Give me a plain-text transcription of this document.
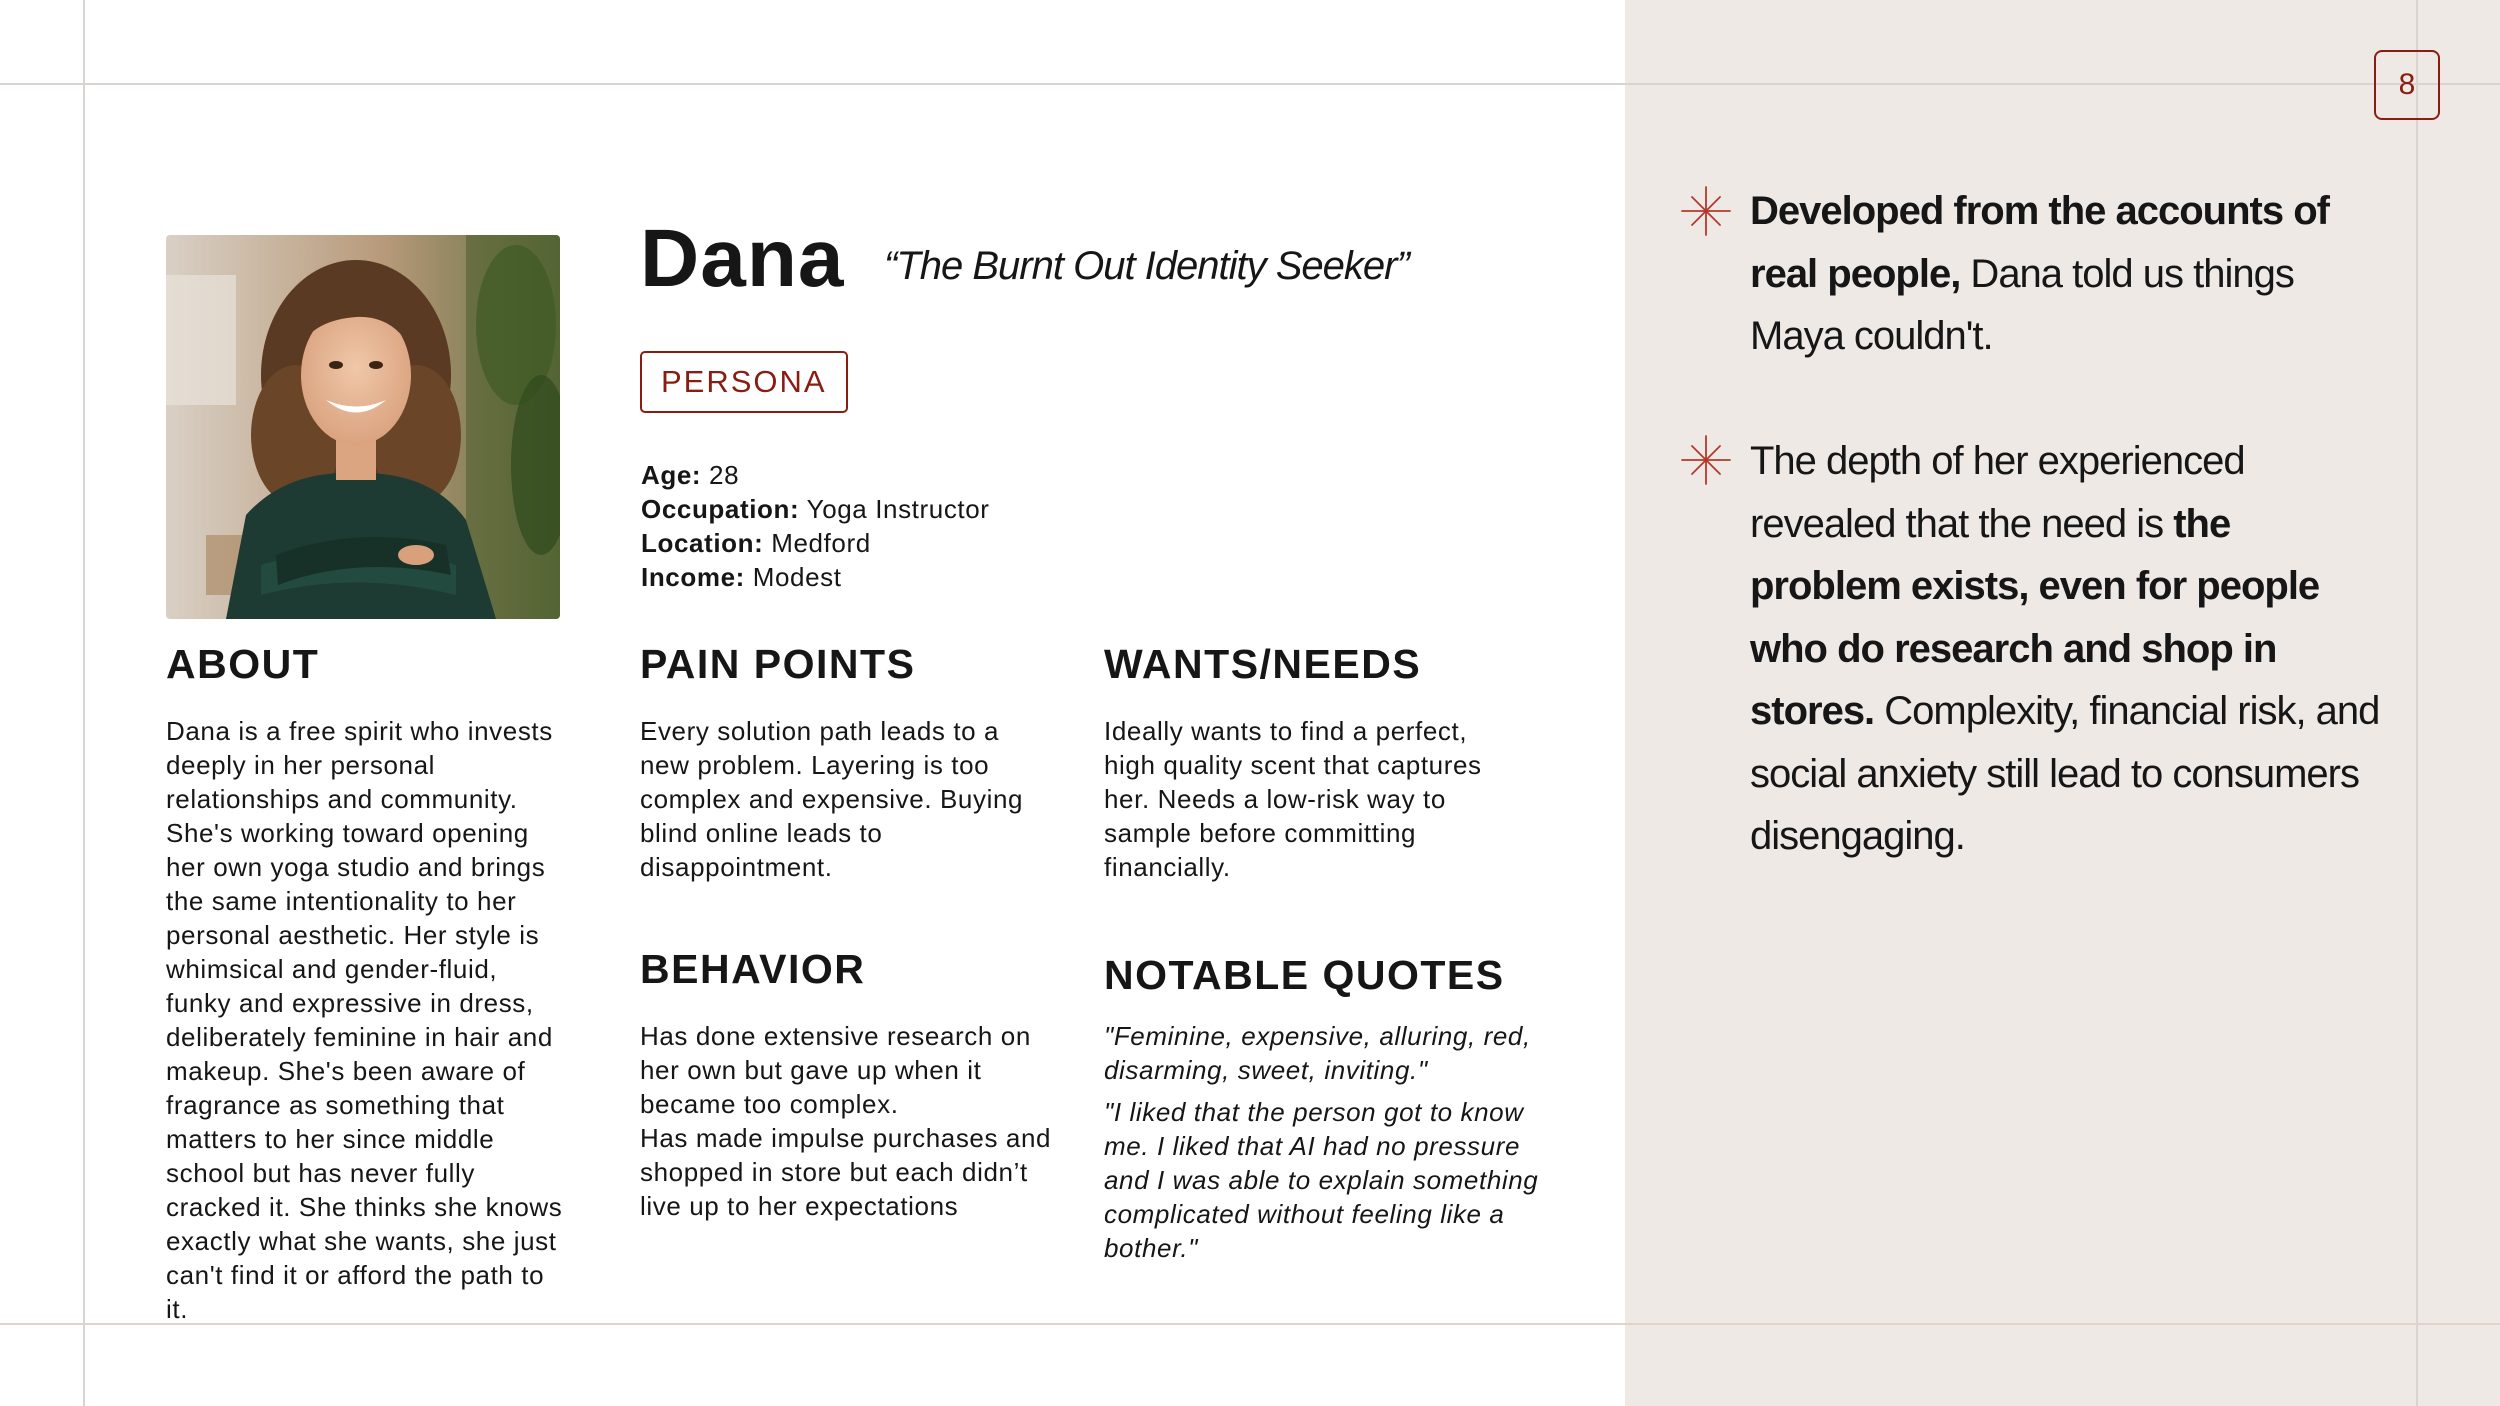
8
Dana “The Burnt Out Identity Seeker”

PERSONA
Age: 28
Occupation: Yoga Instructor
Location: Medford
Income: Modest
ABOUT
Dana is a free spirit who invests deeply in her personal relationships and community. She's working toward opening her own yoga studio and brings the same intentionality to her personal aesthetic. Her style is whimsical and gender-fluid, funky and expressive in dress, deliberately feminine in hair and makeup. She's been aware of fragrance as something that matters to her since middle school but has never fully cracked it. She thinks she knows exactly what she wants, she just can't find it or afford the path to it.
PAIN POINTS
Every solution path leads to a new problem. Layering is too complex and expensive. Buying blind online leads to disappointment.
WANTS/NEEDS
Ideally wants to find a perfect, high quality scent that captures her. Needs a low-risk way to sample before committing financially.
BEHAVIOR
Has done extensive research on her own but gave up when it became too complex.
Has made impulse purchases and shopped in store but each didn’t live up to her expectations
NOTABLE QUOTES
"Feminine, expensive, alluring, red, disarming, sweet, inviting."
"I liked that the person got to know me. I liked that AI had no pressure and I was able to explain something complicated without feeling like a bother."
Developed from the accounts of real people, Dana told us things Maya couldn't.
The depth of her experienced revealed that the need is the problem exists, even for people who do research and shop in stores. Complexity, financial risk, and social anxiety still lead to consumers disengaging.
